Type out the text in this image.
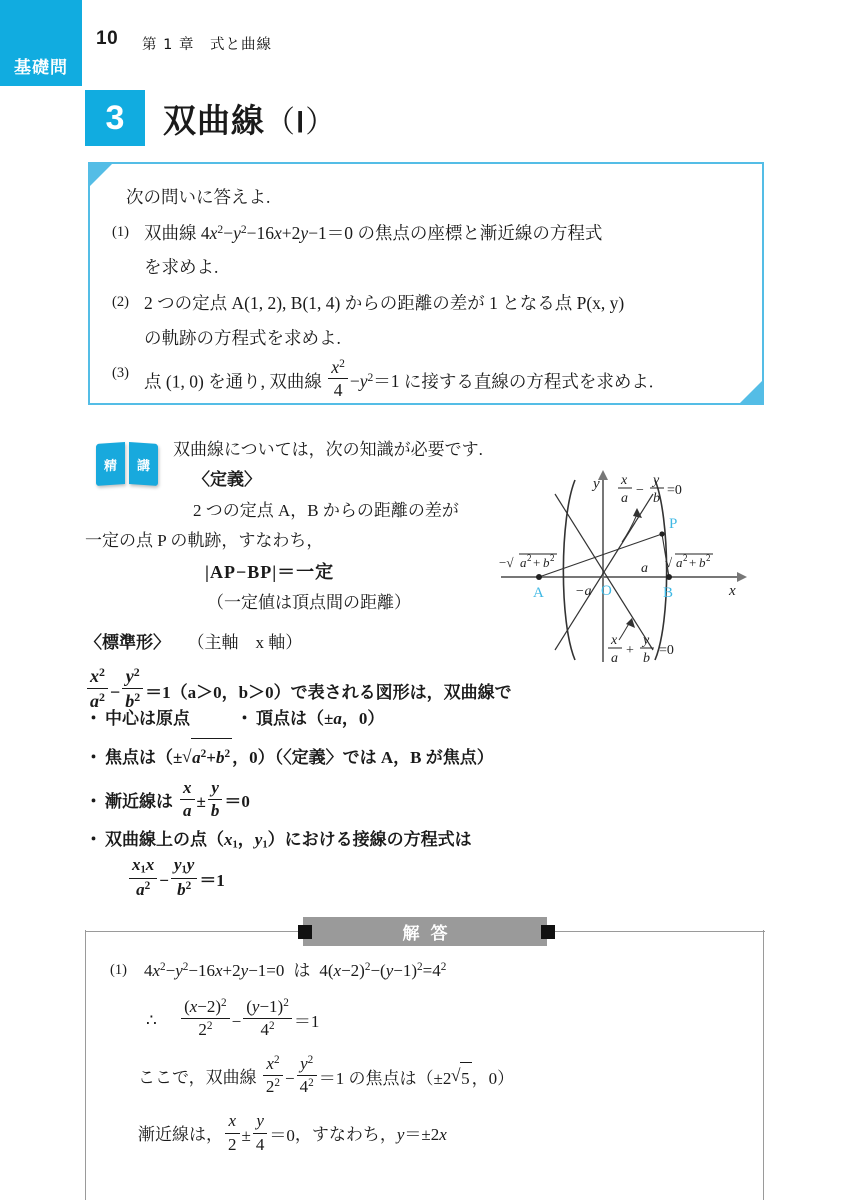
基礎問
10 第 1 章　式と曲線
3 双曲線（Ⅰ）
次の問いに答えよ.
(1) 双曲線 $4x^2-y^2-16x+2y-1=0$ の焦点の座標と漸近線の方程式
を求めよ.
(2) 2 つの定点 A(1, 2), B(1, 4) からの距離の差が 1 となる点 P(x, y)
の軌跡の方程式を求めよ.
(3) 点 (1, 0) を通り, 双曲線 $\frac{x^2}{4} -y^2=1$ に接する直線の方程式を求めよ.
精	講
双曲線については，次の知識が必要です.
〈定義〉
2 つの定点 A，B からの距離の差が
一定の点 P の軌跡，すなわち，
|AP−BP|＝一定
（一定値は頂点間の距離）
〈標準形〉 （主軸　x 軸）
$\frac{x^2}{a^2} - \frac{y^2}{b^2} =1(a>0$，b＞0）で表される図形は，双曲線で
・ 中心は原点	・ 頂点は（±a，0）
・ 焦点は（± √ $a^2+b^2$ ，0）（〈定義〉では A，B が焦点）
・ 漸近線は $\frac{x}{a} \pm \frac{y}{b} =0$
・ 双曲線上の点（$x_1$，$y_1$）における接線の方程式は
$\frac{x_1x}{a^2} - \frac{y_1y}{b^2} =1$
y
x
O
A	B
P
−a
a
−√ a 2 + b 2	√ a 2 + b 2
x
a
−
y
b
=0
x
a
+
y
b
=0
解答
(1)	$4x^2-y^2-16x+2y-1=0$ は $4(x-2)^2-(y-1)^2=4^2$
∴ $\frac{(x-2)^2}{2^2} - \frac{(y-1)^2}{4^2} =1$
ここで，双曲線 $\frac{x^2}{2^2} - \frac{y^2}{4^2} =1$ の焦点は（±2 √ 5 ，0）
漸近線は， $\frac{x}{2} \pm \frac{y}{4} =0$，すなわち，y＝±2x
